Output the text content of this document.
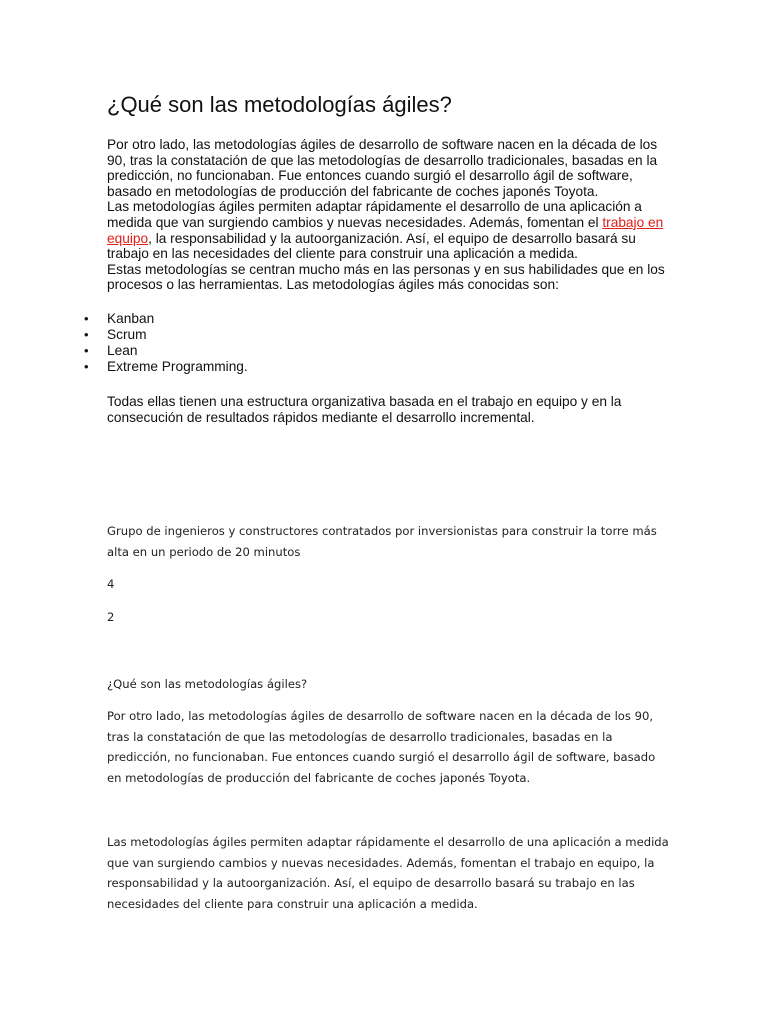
¿Qué son las metodologías ágiles?

Por otro lado, las metodologías ágiles de desarrollo de software nacen en la década de los 90, tras la constatación de que las metodologías de desarrollo tradicionales, basadas en la predicción, no funcionaban. Fue entonces cuando surgió el desarrollo ágil de software, basado en metodologías de producción del fabricante de coches japonés Toyota.

Las metodologías ágiles permiten adaptar rápidamente el desarrollo de una aplicación a medida que van surgiendo cambios y nuevas necesidades. Además, fomentan el trabajo en equipo, la responsabilidad y la autoorganización. Así, el equipo de desarrollo basará su trabajo en las necesidades del cliente para construir una aplicación a medida.

Estas metodologías se centran mucho más en las personas y en sus habilidades que en los procesos o las herramientas. Las metodologías ágiles más conocidas son:

• Kanban
• Scrum
• Lean
• Extreme Programming.

Todas ellas tienen una estructura organizativa basada en el trabajo en equipo y en la consecución de resultados rápidos mediante el desarrollo incremental.

Grupo de ingenieros y constructores contratados por inversionistas para construir la torre más alta en un periodo de 20 minutos

4

2

¿Qué son las metodologías ágiles?

Por otro lado, las metodologías ágiles de desarrollo de software nacen en la década de los 90, tras la constatación de que las metodologías de desarrollo tradicionales, basadas en la predicción, no funcionaban. Fue entonces cuando surgió el desarrollo ágil de software, basado en metodologías de producción del fabricante de coches japonés Toyota.

Las metodologías ágiles permiten adaptar rápidamente el desarrollo de una aplicación a medida que van surgiendo cambios y nuevas necesidades. Además, fomentan el trabajo en equipo, la responsabilidad y la autoorganización. Así, el equipo de desarrollo basará su trabajo en las necesidades del cliente para construir una aplicación a medida.
